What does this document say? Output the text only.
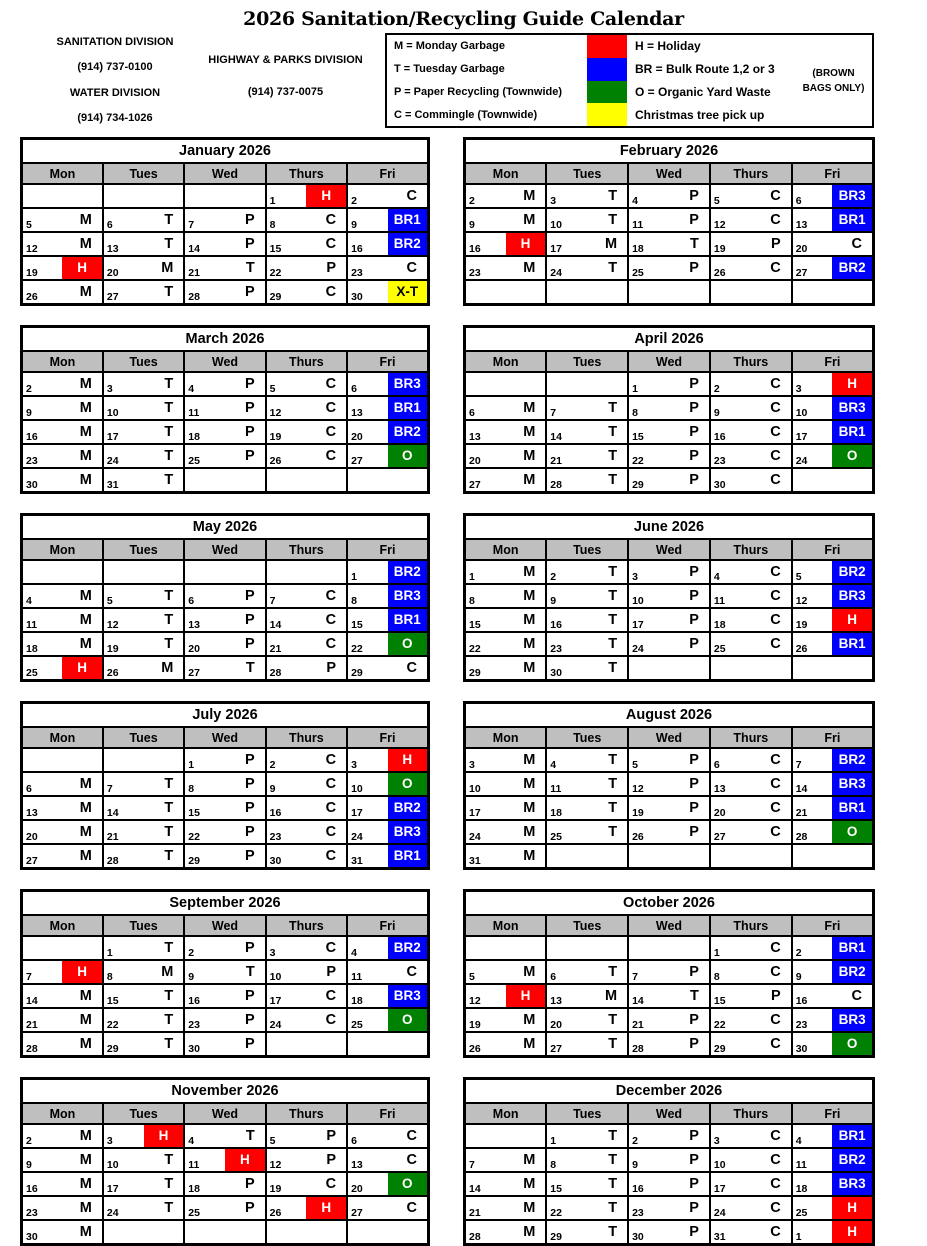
2026 Sanitation/Recycling Guide Calendar
SANITATION DIVISION
(914) 737-0100
WATER DIVISION
(914) 734-1026
HIGHWAY & PARKS DIVISION
(914) 737-0075
M = Monday Garbage	H = Holiday
T = Tuesday Garbage	BR = Bulk Route 1,2 or 3
P = Paper Recycling (Townwide)	O = Organic Yard Waste
C = Commingle (Townwide)	Christmas tree pick up
(BROWN BAGS ONLY)
January 2026				
Mon	Tues	Wed	Thurs	Fri

			1 H	2 C

5 M	6 T	7 P	8 C	9 BR1

12 M	13 T	14 P	15 C	16 BR2

19 H	20 M	21 T	22 P	23 C

26 M	27 T	28 P	29 C	30 X-T
February 2026				
Mon	Tues	Wed	Thurs	Fri

2 M	3 T	4 P	5 C	6 BR3

9 M	10 T	11 P	12 C	13 BR1

16 H	17 M	18 T	19 P	20 C

23 M	24 T	25 P	26 C	27 BR2

March 2026				
Mon	Tues	Wed	Thurs	Fri

2 M	3 T	4 P	5 C	6 BR3

9 M	10 T	11 P	12 C	13 BR1

16 M	17 T	18 P	19 C	20 BR2

23 M	24 T	25 P	26 C	27 O

30 M	31 T			

April 2026				
Mon	Tues	Wed	Thurs	Fri

		1 P	2 C	3 H

6 M	7 T	8 P	9 C	10 BR3

13 M	14 T	15 P	16 C	17 BR1

20 M	21 T	22 P	23 C	24 O

27 M	28 T	29 P	30 C	

May 2026				
Mon	Tues	Wed	Thurs	Fri

				1 BR2

4 M	5 T	6 P	7 C	8 BR3

11 M	12 T	13 P	14 C	15 BR1

18 M	19 T	20 P	21 C	22 O

25 H	26 M	27 T	28 P	29 C
June 2026				
Mon	Tues	Wed	Thurs	Fri

1 M	2 T	3 P	4 C	5 BR2

8 M	9 T	10 P	11 C	12 BR3

15 M	16 T	17 P	18 C	19 H

22 M	23 T	24 P	25 C	26 BR1

29 M	30 T			

July 2026				
Mon	Tues	Wed	Thurs	Fri

		1 P	2 C	3 H

6 M	7 T	8 P	9 C	10 O

13 M	14 T	15 P	16 C	17 BR2

20 M	21 T	22 P	23 C	24 BR3

27 M	28 T	29 P	30 C	31 BR1
August 2026				
Mon	Tues	Wed	Thurs	Fri

3 M	4 T	5 P	6 C	7 BR2

10 M	11 T	12 P	13 C	14 BR3

17 M	18 T	19 P	20 C	21 BR1

24 M	25 T	26 P	27 C	28 O

31 M				

September 2026				
Mon	Tues	Wed	Thurs	Fri

	1 T	2 P	3 C	4 BR2

7 H	8 M	9 T	10 P	11 C

14 M	15 T	16 P	17 C	18 BR3

21 M	22 T	23 P	24 C	25 O

28 M	29 T	30 P		

October 2026				
Mon	Tues	Wed	Thurs	Fri

			1 C	2 BR1

5 M	6 T	7 P	8 C	9 BR2

12 H	13 M	14 T	15 P	16 C

19 M	20 T	21 P	22 C	23 BR3

26 M	27 T	28 P	29 C	30 O
November 2026				
Mon	Tues	Wed	Thurs	Fri

2 M	3 H	4 T	5 P	6 C

9 M	10 T	11 H	12 P	13 C

16 M	17 T	18 P	19 C	20 O

23 M	24 T	25 P	26 H	27 C

30 M				

December 2026				
Mon	Tues	Wed	Thurs	Fri

	1 T	2 P	3 C	4 BR1

7 M	8 T	9 P	10 C	11 BR2

14 M	15 T	16 P	17 C	18 BR3

21 M	22 T	23 P	24 C	25 H

28 M	29 T	30 P	31 C	1 H
